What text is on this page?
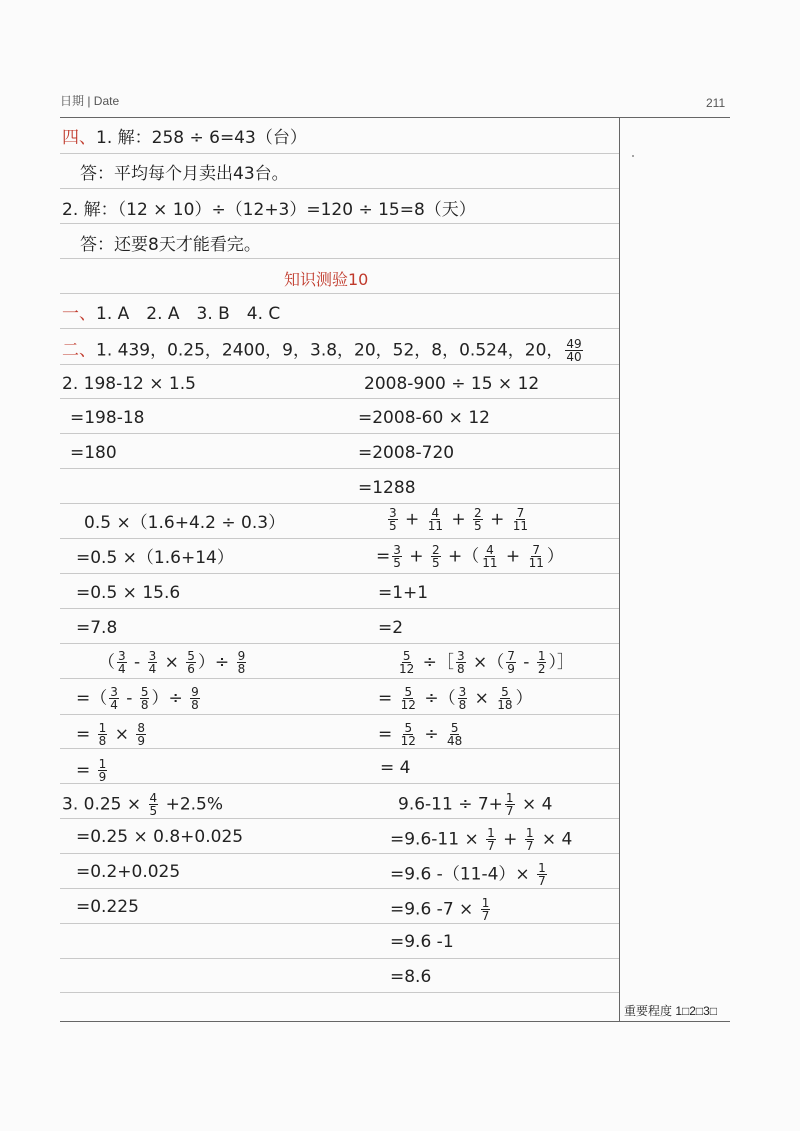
日期 | Date	211
重要程度 1□2□3□
四、1. 解：258 ÷ 6=43（台）
答：平均每个月卖出43台。
2. 解：（12 × 10）÷（12+3）=120 ÷ 15=8（天）
答：还要8天才能看完。
知识测验10
一、1. A　2. A　3. B　4. C
二、1. 439，0.25，2400，9，3.8，20，52，8，0.524，20， $\frac{49}{40}$
2. 198-12 × 1.5
=198-18
=180
2008-900 ÷ 15 × 12
=2008-60 × 12
=2008-720
=1288
0.5 ×（1.6+4.2 ÷ 0.3）
=0.5 ×（1.6+14）
=0.5 × 15.6
=7.8
$\frac{3}{5} + \frac{4}{11} + \frac{2}{5} + \frac{7}{11}$
= $\frac{3}{5} + \frac{2}{5}$ +（ $\frac{4}{11} + \frac{7}{11}$ ）
=1+1
=2
（ $\frac{3}{4} - \frac{3}{4} \times \frac{5}{6}$ ）÷ $\frac{9}{8}$
=（ $\frac{3}{4} - \frac{5}{8}$ ）÷ $\frac{9}{8}$
= $\frac{1}{8} \times \frac{8}{9}$
= $\frac{1}{9}$
$\frac{5}{12}$ ÷［ $\frac{3}{8}$ ×（ $\frac{7}{9} - \frac{1}{2}$ ）］
= $\frac{5}{12}$ ÷（ $\frac{3}{8} \times \frac{5}{18}$ ）
= $\frac{5}{12} \div \frac{5}{48}$
= 4
3. $0.25 \times \frac{4}{5} +2.5\%$
=0.25 × 0.8+0.025
=0.2+0.025
=0.225
$9.6-11 \div 7+ \frac{1}{7} \times 4$
$=9.6-11 \times \frac{1}{7} + \frac{1}{7} \times 4$
=9.6 $-(11-4)\times \frac{1}{7}$
=9.6 $-7 \times \frac{1}{7}$
=9.6 -1
=8.6
